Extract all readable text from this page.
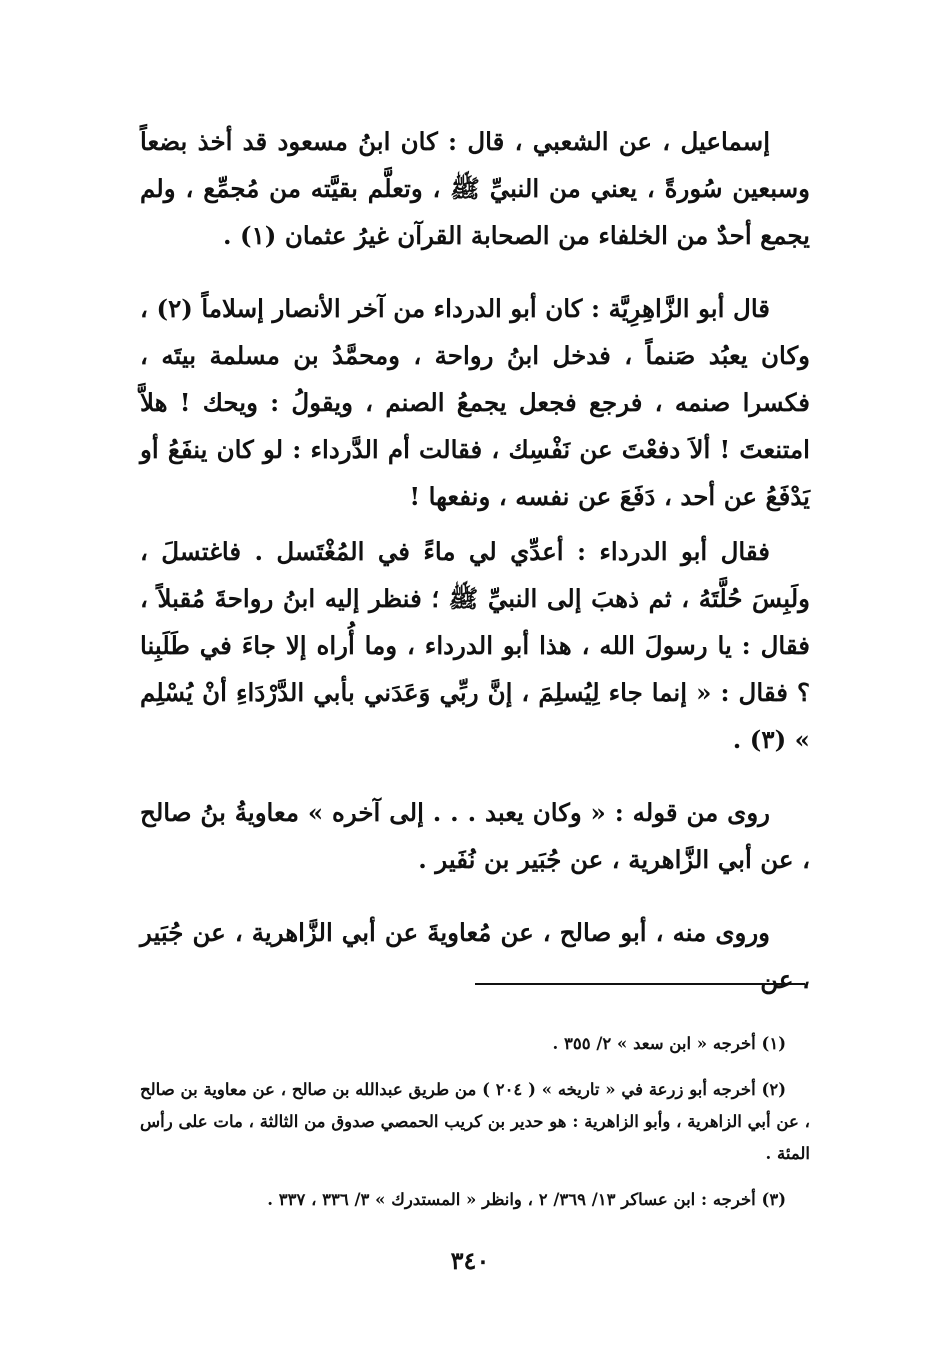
إسماعيل ، عن الشعبي ، قال : كان ابنُ مسعود قد أخذ بضعاً وسبعين سُورةً ، يعني من النبيِّ ﷺ ، وتعلَّم بقيَّته من مُجمِّع ، ولم يجمع أحدٌ من الخلفاء من الصحابة القرآن غيرُ عثمان (١) .

قال أبو الزَّاهِرِيَّة : كان أبو الدرداء من آخر الأنصار إسلاماً (٢) ، وكان يعبُد صَنماً ، فدخل ابنُ رواحة ، ومحمَّدُ بن مسلمة بيتَه ، فكسرا صنمه ، فرجع فجعل يجمعُ الصنم ، ويقولُ : ويحك ! هلاَّ امتنعتَ ! ألاَ دفعْتَ عن نَفْسِك ، فقالت أم الدَّرداء : لو كان ينفَعُ أو يَدْفَعُ عن أحد ، دَفَعَ عن نفسه ، ونفعها !

فقال أبو الدرداء : أعدِّي لي ماءً في المُغْتَسل . فاغتسلَ ، ولَبِسَ حُلَّتَهُ ، ثم ذهبَ إلى النبيِّ ﷺ ؛ فنظر إليه ابنُ رواحةَ مُقبلاً ، فقال : يا رسولَ الله ، هذا أبو الدرداء ، وما أُراه إلا جاءَ في طَلَبِنا ؟ فقال : « إنما جاء لِيُسلِمَ ، إنَّ ربِّي وَعَدَني بأبي الدَّرْدَاءِ أنْ يُسْلِم » (٣) .

روى من قوله : « وكان يعبد . . . إلى آخره » معاويةُ بنُ صالح ، عن أبي الزَّاهرية ، عن جُبَير بن نُفَير .

وروى منه ، أبو صالح ، عن مُعاويةَ عن أبي الزَّاهرية ، عن جُبَير ، عن

(١) أخرجه « ابن سعد » ٢/ ٣٥٥ .

(٢) أخرجه أبو زرعة في « تاريخه » ( ٢٠٤ ) من طريق عبدالله بن صالح ، عن معاوية بن صالح ، عن أبي الزاهرية ، وأبو الزاهرية : هو حدير بن كريب الحمصي صدوق من الثالثة ، مات على رأس المئة .

(٣) أخرجه : ابن عساكر ١٣/ ٣٦٩/ ٢ ، وانظر « المستدرك » ٣/ ٣٣٦ ، ٣٣٧ .

٣٤٠
